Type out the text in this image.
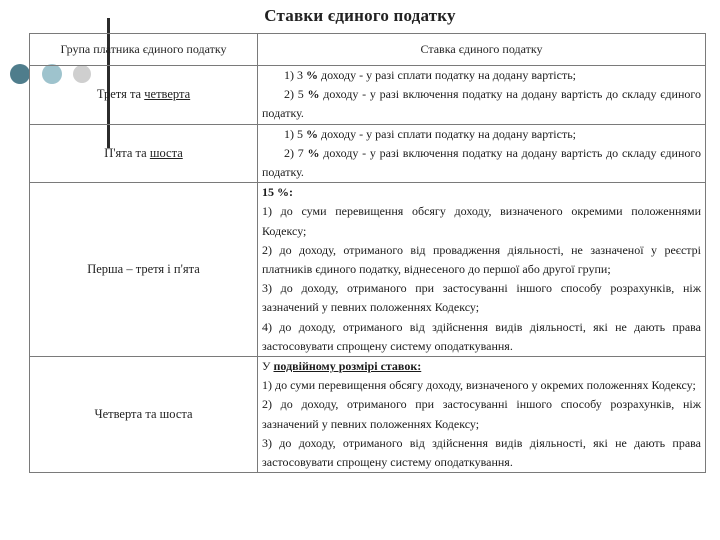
Ставки єдиного податку
Група платника єдиного податку	Ставка єдиного податку
Третя та четверта	1) 3 % доходу - у разі сплати податку на додану вартість;
2) 5 % доходу - у разі включення податку на додану вартість до складу єдиного податку.

П'ята та шоста	1) 5 % доходу - у разі сплати податку на додану вартість;
2) 7 % доходу - у разі включення податку на додану вартість до складу єдиного податку.

Перша – третя і п'ята	15 %:
1) до суми перевищення обсягу доходу, визначеного окремими положеннями Кодексу;
2) до доходу, отриманого від провадження діяльності, не зазначеної у реєстрі платників єдиного податку, віднесеного до першої або другої групи;
3) до доходу, отриманого при застосуванні іншого способу розрахунків, ніж зазначений у певних положеннях Кодексу;
4) до доходу, отриманого від здійснення видів діяльності, які не дають права застосовувати спрощену систему оподаткування.

Четверта та шоста	У подвійному розмірі ставок:
1) до суми перевищення обсягу доходу, визначеного у окремих положеннях Кодексу;
2) до доходу, отриманого при застосуванні іншого способу розрахунків, ніж зазначений у певних положеннях Кодексу;
3) до доходу, отриманого від здійснення видів діяльності, які не дають права застосовувати спрощену систему оподаткування.
